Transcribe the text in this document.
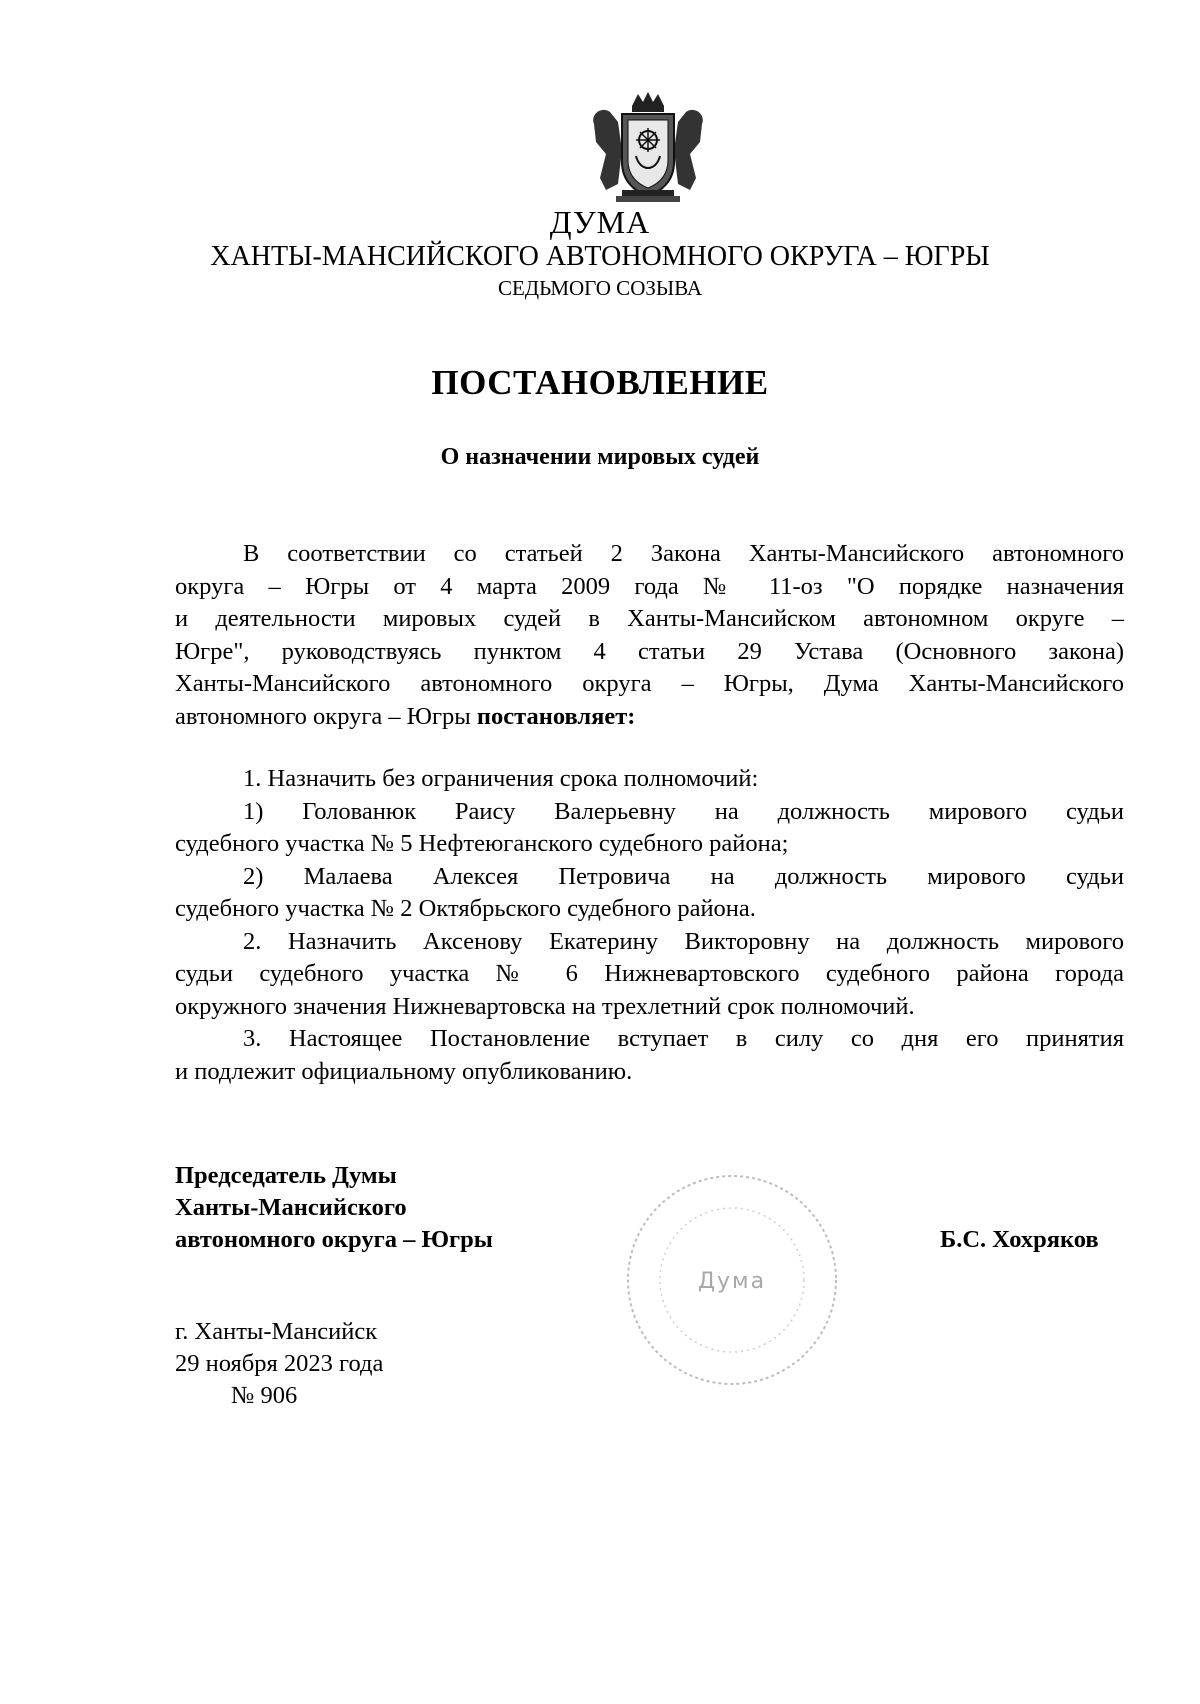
ДУМА
ХАНТЫ-МАНСИЙСКОГО АВТОНОМНОГО ОКРУГА – ЮГРЫ
СЕДЬМОГО СОЗЫВА
ПОСТАНОВЛЕНИЕ
О назначении мировых судей
В соответствии со статьей 2 Закона Ханты-Мансийского автономного
округа – Югры от 4 марта 2009 года № 11-оз "О порядке назначения
и деятельности мировых судей в Ханты-Мансийском автономном округе –
Югре", руководствуясь пунктом 4 статьи 29 Устава (Основного закона)
Ханты-Мансийского автономного округа – Югры, Дума Ханты-Мансийского
автономного округа – Югры постановляет:
1. Назначить без ограничения срока полномочий:
1) Голованюк Раису Валерьевну на должность мирового судьи
судебного участка № 5 Нефтеюганского судебного района;
2) Малаева Алексея Петровича на должность мирового судьи
судебного участка № 2 Октябрьского судебного района.
2. Назначить Аксенову Екатерину Викторовну на должность мирового
судьи судебного участка № 6 Нижневартовского судебного района города
окружного значения Нижневартовска на трехлетний срок полномочий.
3. Настоящее Постановление вступает в силу со дня его принятия
и подлежит официальному опубликованию.
Дума
Председатель Думы
Ханты-Мансийского
автономного округа – Югры	Б.С. Хохряков
г. Ханты-Мансийск
29 ноября 2023 года
№ 906
